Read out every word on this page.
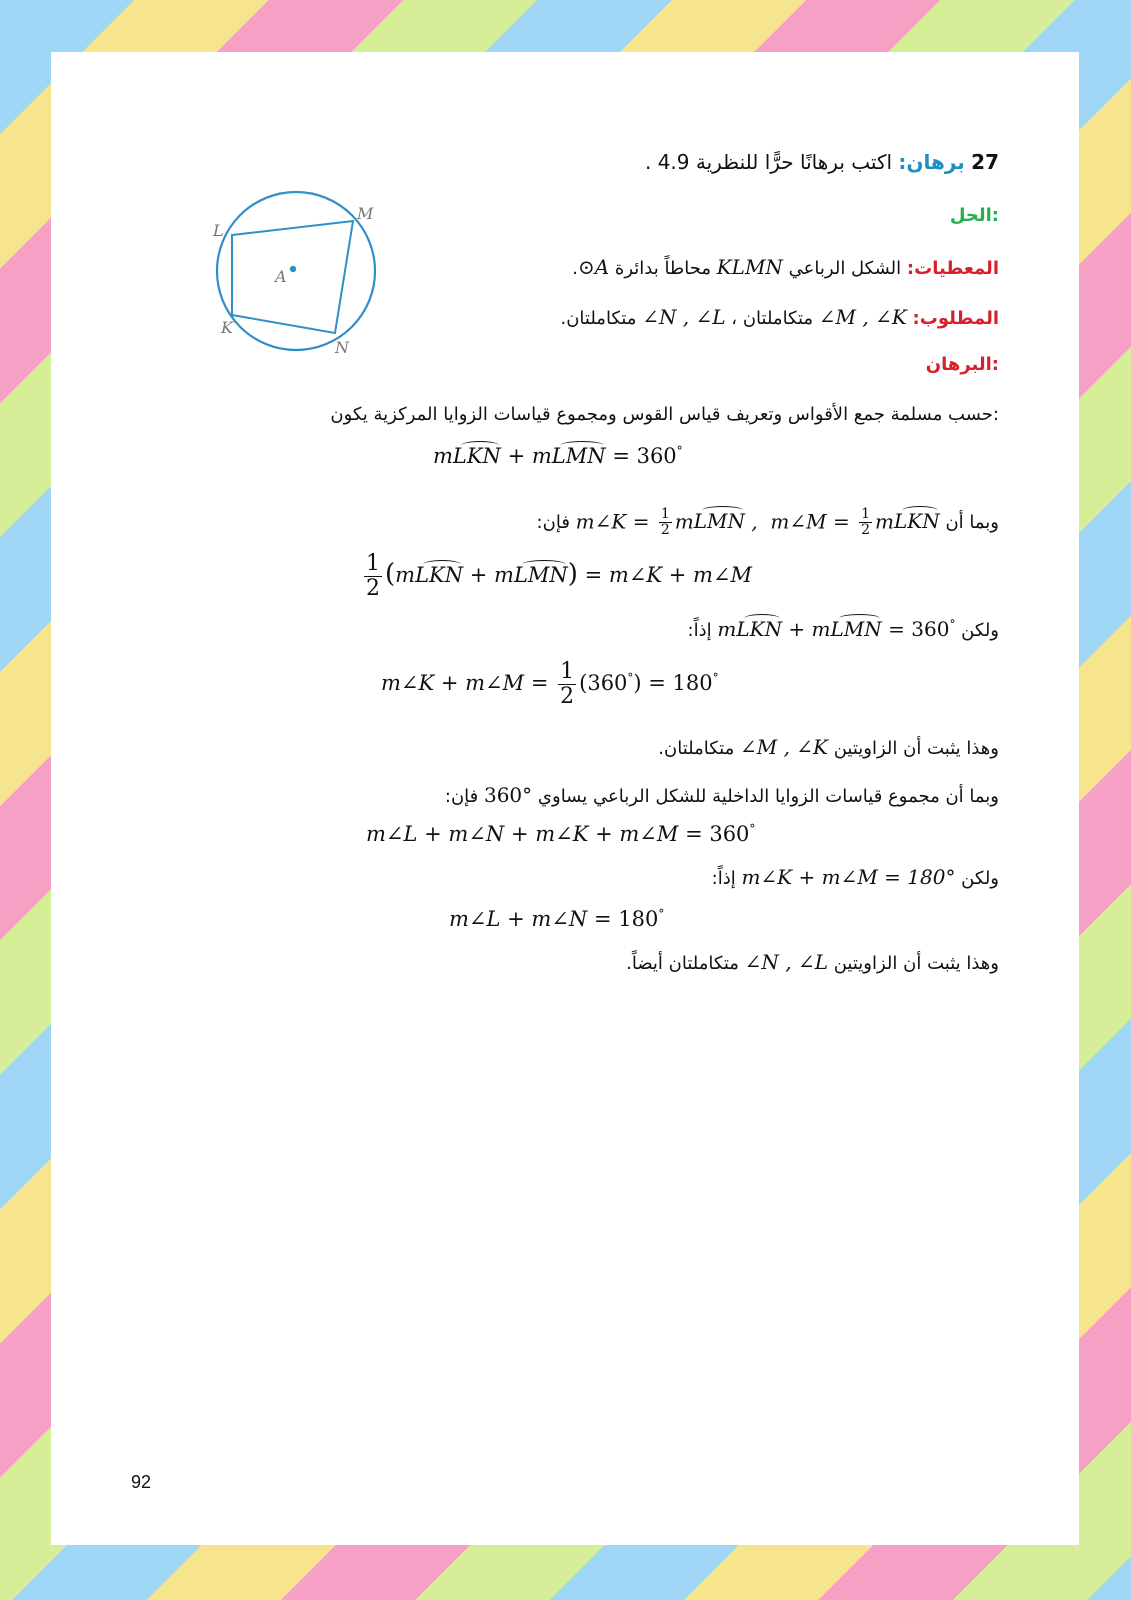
27 برهان: اكتب برهانًا حرًّا للنظرية 4.9 .
A
L
M
K
N
الحل:
المعطيات: الشكل الرباعي KLMN محاطاً بدائرة ⊙A.
المطلوب: ∠M , ∠K متكاملتان ، ∠N , ∠L متكاملتان.
البرهان:
حسب مسلمة جمع الأقواس وتعريف قياس القوس ومجموع قياسات الزوايا المركزية يكون:
mLKN + mLMN = 360°
وبما أن m∠K = $\frac{1}{2}$ mLMN ,  m∠M = $\frac{1}{2}$ mLKN فإن:
$\frac{1}{2}$ (mLKN + mLMN) = m∠K + m∠M
ولكن mLKN + mLMN = 360° إذاً:
m∠K + m∠M = $\frac{1}{2} (360^\circ) = 180^\circ$
وهذا يثبت أن الزاويتين ∠M , ∠K متكاملتان.
وبما أن مجموع قياسات الزوايا الداخلية للشكل الرباعي يساوي 360° فإن:
m∠L + m∠N + m∠K + m∠M = 360°
ولكن m∠K + m∠M = 180° إذاً:
m∠L + m∠N = 180°
وهذا يثبت أن الزاويتين ∠N , ∠L متكاملتان أيضاً.
92
